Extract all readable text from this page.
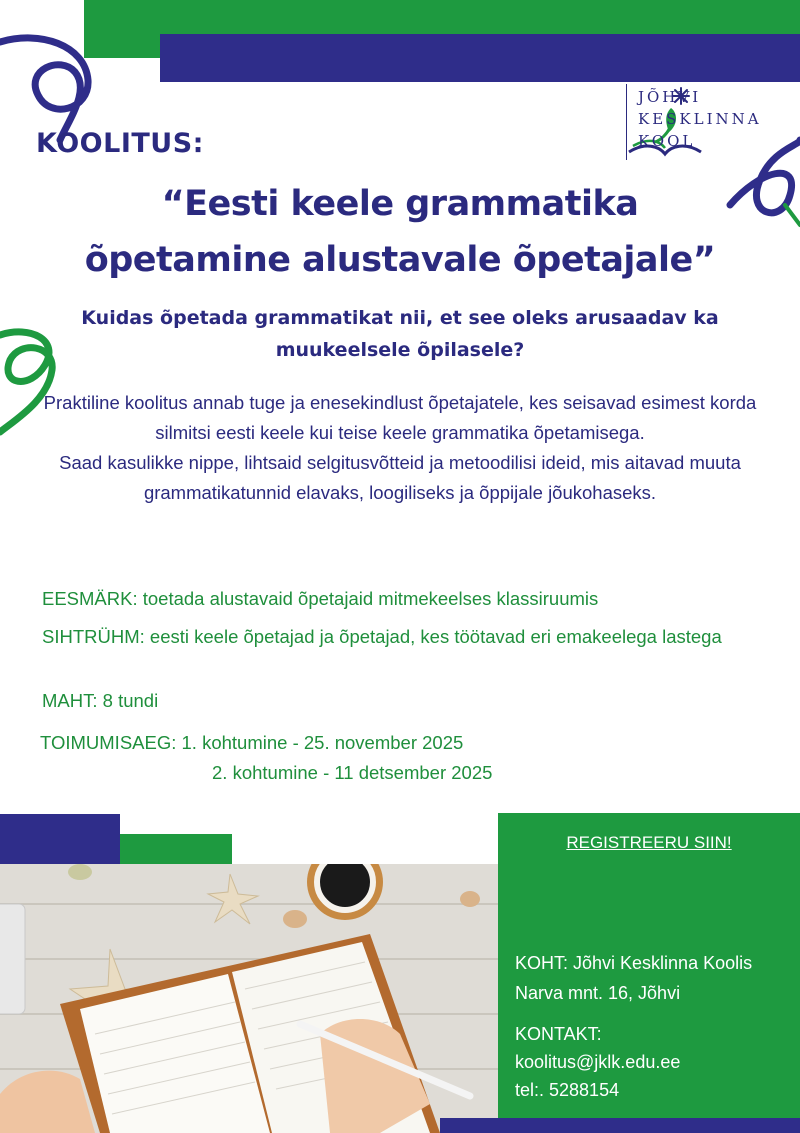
JÕHVI
KESKLINNA
KOOL
KOOLITUS:
“Eesti keele grammatika õpetamine alustavale õpetajale”
Kuidas õpetada grammatikat nii, et see oleks arusaadav ka muukeelsele õpilasele?

Praktiline koolitus annab tuge ja enesekindlust õpetajatele, kes seisavad esimest korda silmitsi eesti keele kui teise keele grammatika õpetamisega.

Saad kasulikke nippe, lihtsaid selgitusvõtteid ja metoodilisi ideid, mis aitavad muuta grammatikatunnid elavaks, loogiliseks ja õppijale jõukohaseks.

EESMÄRK: toetada alustavaid õpetajaid mitmekeelses klassiruumis
SIHTRÜHM: eesti keele õpetajad ja õpetajad, kes töötavad eri emakeelega lastega
MAHT: 8 tundi
TOIMUMISAEG: 1. kohtumine - 25. november 2025
2. kohtumine - 11 detsember 2025
REGISTREERU SIIN!
KOHT: Jõhvi Kesklinna Koolis
Narva mnt. 16, Jõhvi
KONTAKT:
koolitus@jklk.edu.ee
tel:. 5288154
